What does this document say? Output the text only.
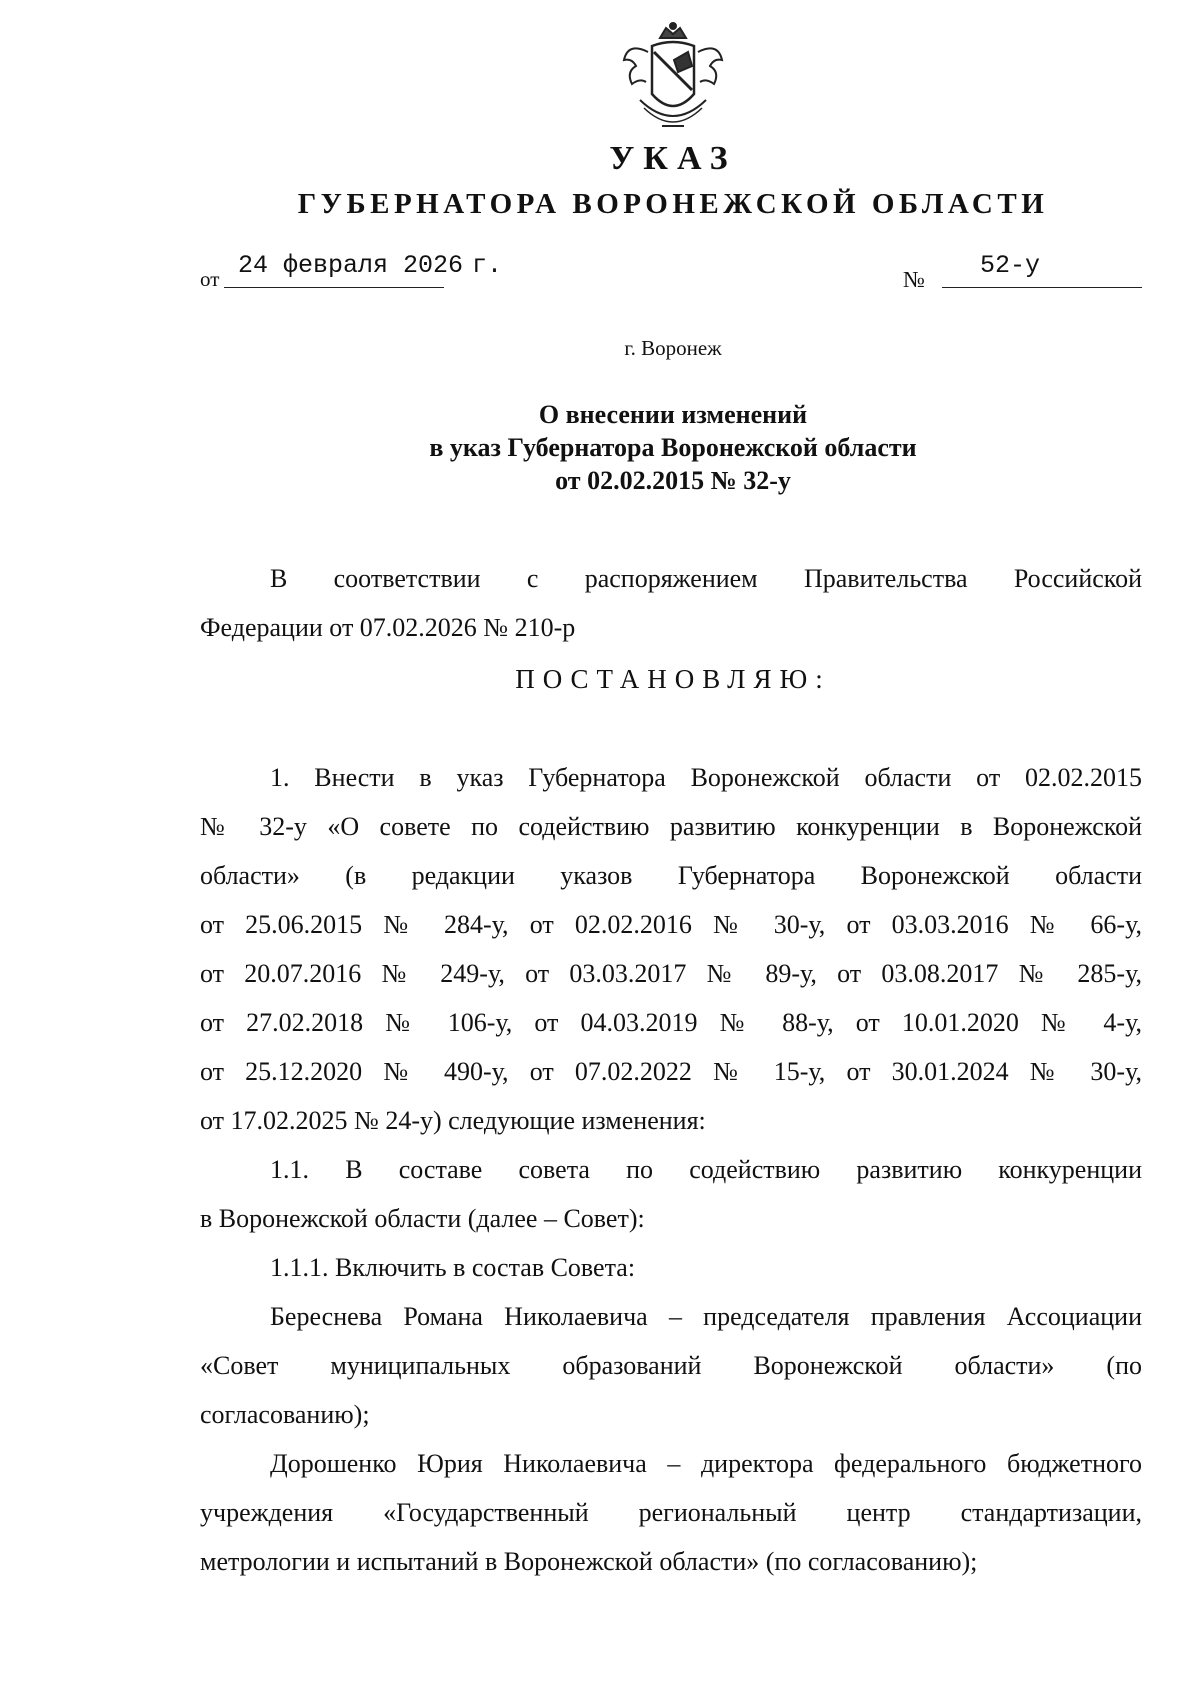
УКАЗ
ГУБЕРНАТОРА ВОРОНЕЖСКОЙ ОБЛАСТИ
от 24 февраля 2026 г.	№ 52-у
г. Воронеж
О внесении изменений
в указ Губернатора Воронежской области
от 02.02.2015 № 32-у
В соответствии с распоряжением Правительства Российской
Федерации от 07.02.2026 № 210-р
ПОСТАНОВЛЯЮ:
1. Внести в указ Губернатора Воронежской области от 02.02.2015
№ 32-у «О совете по содействию развитию конкуренции в Воронежской
области» (в редакции указов Губернатора Воронежской области
от 25.06.2015 № 284-у, от 02.02.2016 № 30-у, от 03.03.2016 № 66-у,
от 20.07.2016 № 249-у, от 03.03.2017 № 89-у, от 03.08.2017 № 285-у,
от 27.02.2018 № 106-у, от 04.03.2019 № 88-у, от 10.01.2020 № 4-у,
от 25.12.2020 № 490-у, от 07.02.2022 № 15-у, от 30.01.2024 № 30-у,
от 17.02.2025 № 24-у) следующие изменения:
1.1. В составе совета по содействию развитию конкуренции
в Воронежской области (далее – Совет):
1.1.1. Включить в состав Совета:
Береснева Романа Николаевича – председателя правления Ассоциации
«Совет муниципальных образований Воронежской области» (по
согласованию);
Дорошенко Юрия Николаевича – директора федерального бюджетного
учреждения «Государственный региональный центр стандартизации,
метрологии и испытаний в Воронежской области» (по согласованию);
